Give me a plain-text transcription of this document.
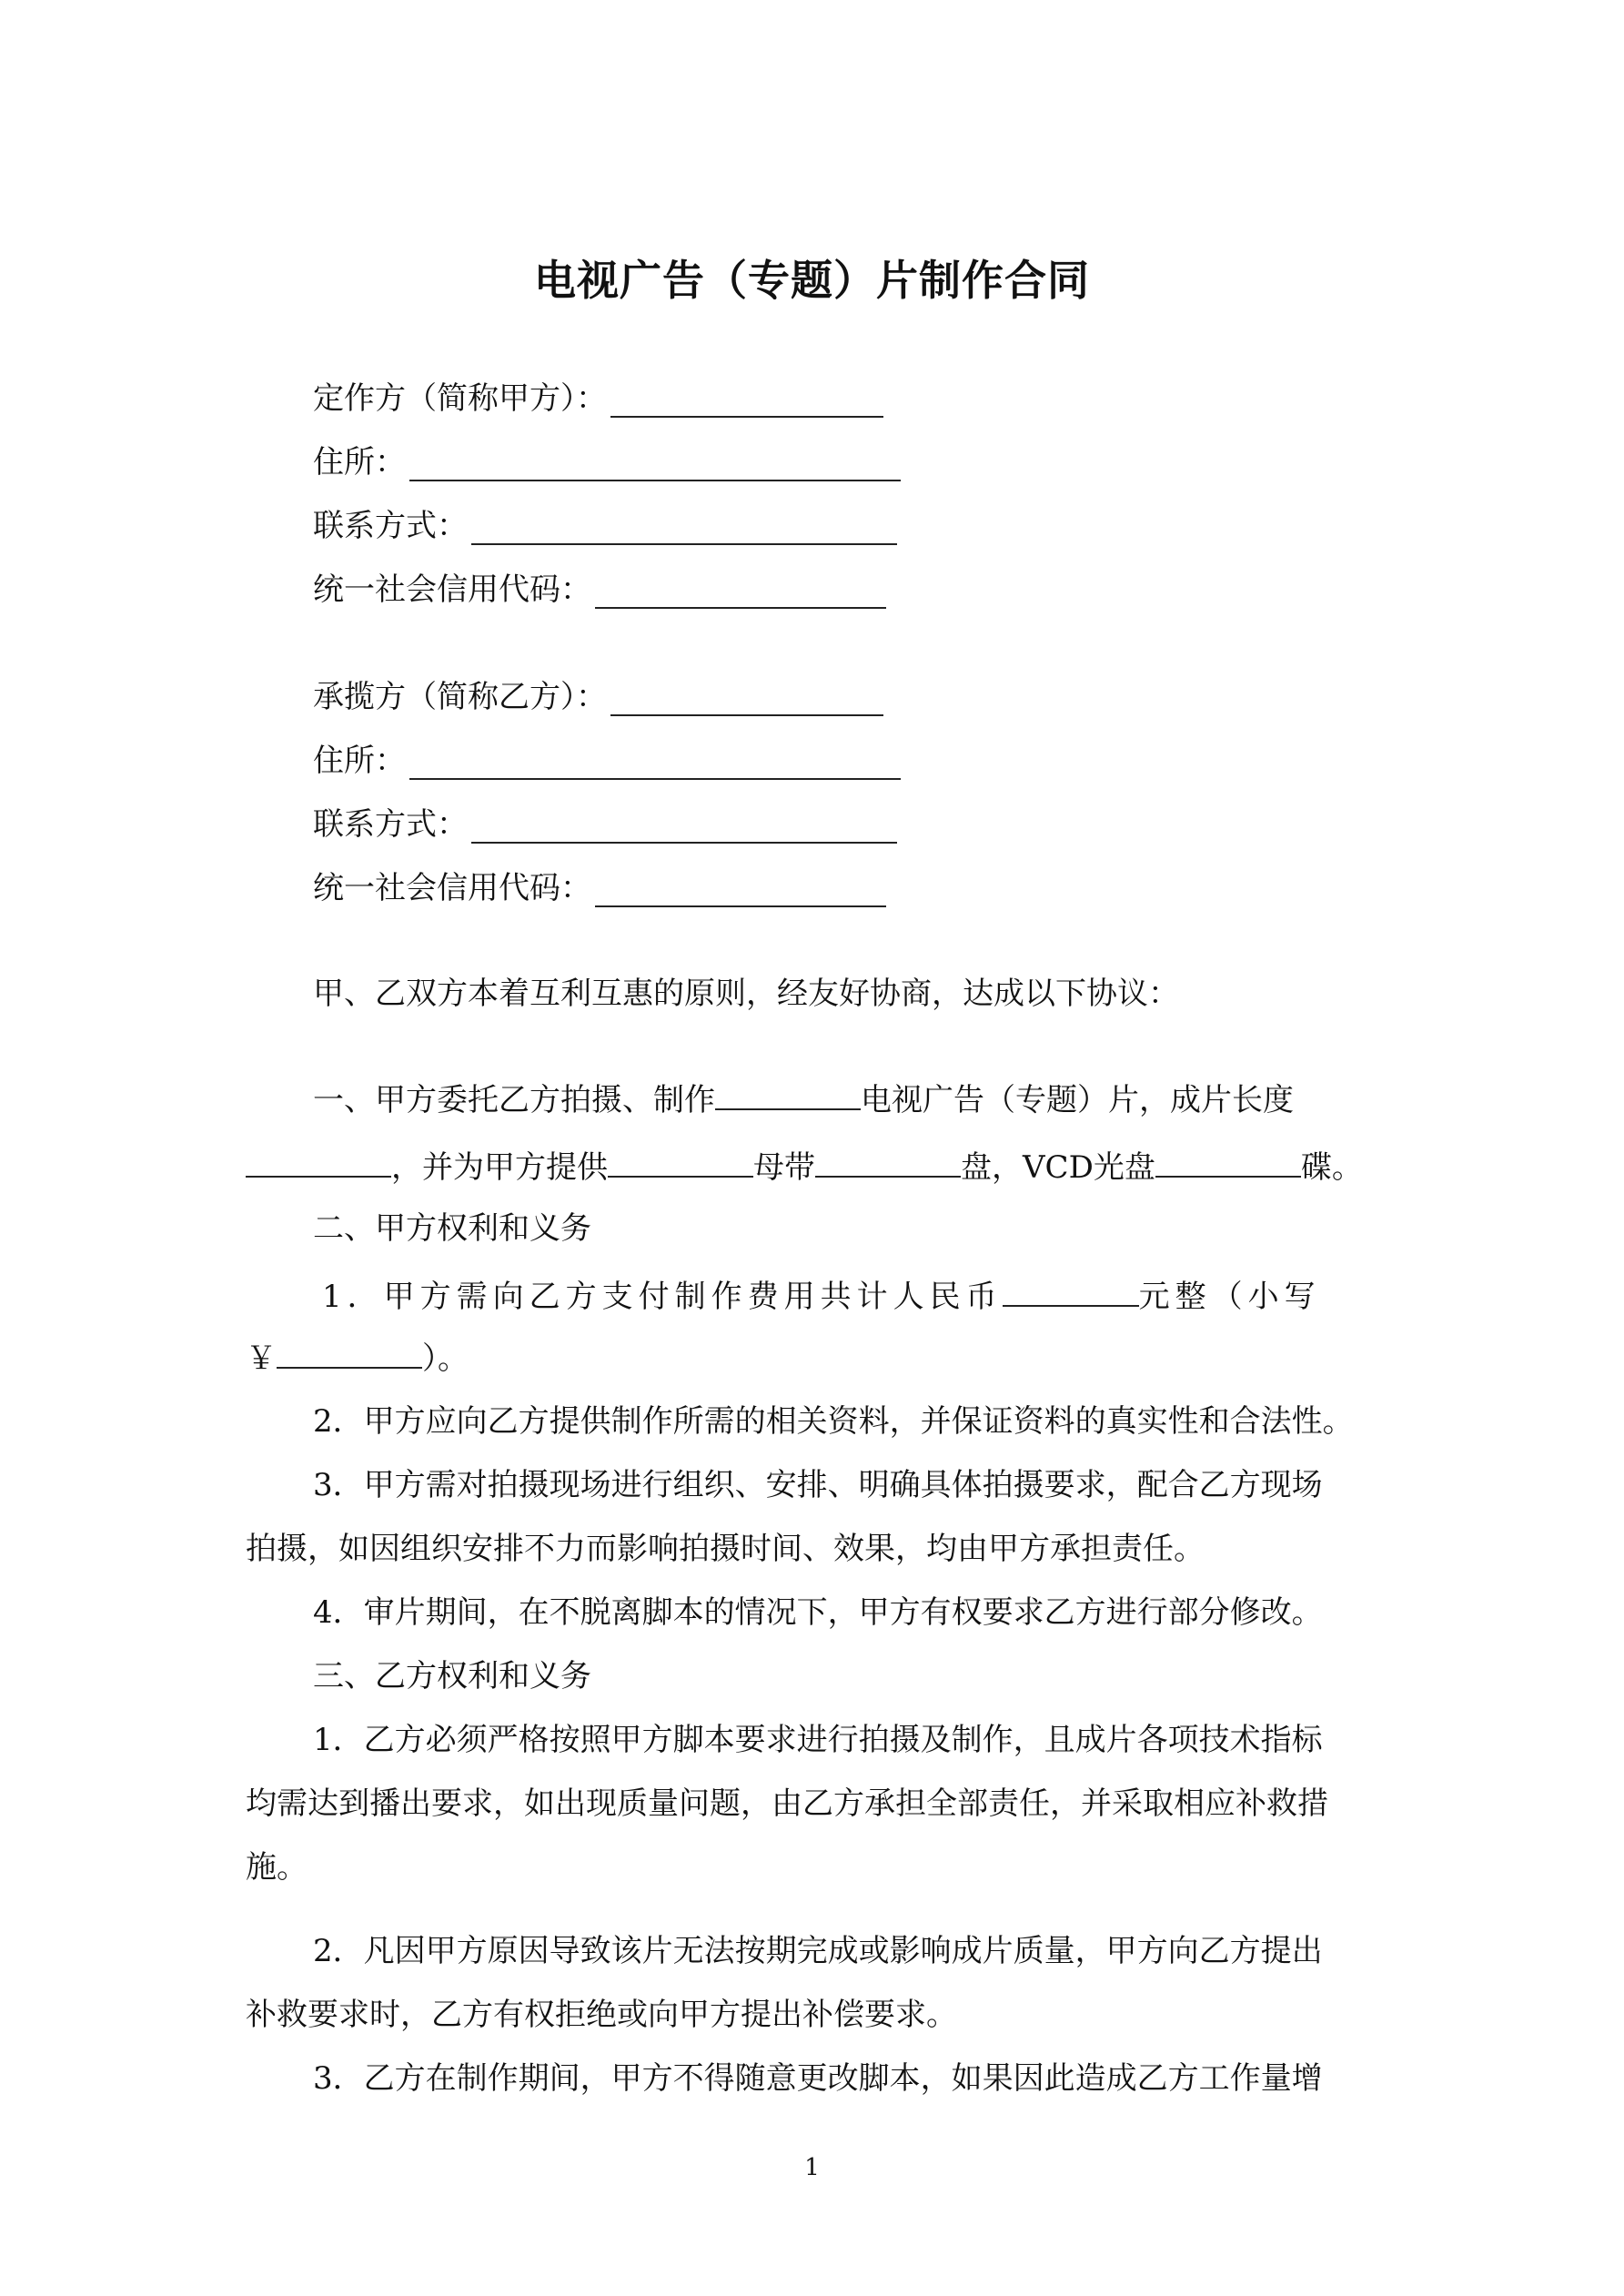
电视广告（专题）片制作合同
定作方（简称甲方）：
住所：
联系方式：
统一社会信用代码：
承揽方（简称乙方）：
住所：
联系方式：
统一社会信用代码：
甲、乙双方本着互利互惠的原则，经友好协商，达成以下协议：
一、甲方委托乙方拍摄、制作	电视广告（专题）片，成片长度
，并为甲方提供	母带	盘，VCD光盘	碟。
二、甲方权利和义务
1．甲方需向乙方支付制作费用共计人民币	元整（小写
￥	）。
2．甲方应向乙方提供制作所需的相关资料，并保证资料的真实性和合法性。
3．甲方需对拍摄现场进行组织、安排、明确具体拍摄要求，配合乙方现场
拍摄，如因组织安排不力而影响拍摄时间、效果，均由甲方承担责任。
4．审片期间，在不脱离脚本的情况下，甲方有权要求乙方进行部分修改。
三、乙方权利和义务
1．乙方必须严格按照甲方脚本要求进行拍摄及制作，且成片各项技术指标
均需达到播出要求，如出现质量问题，由乙方承担全部责任，并采取相应补救措
施。
2．凡因甲方原因导致该片无法按期完成或影响成片质量，甲方向乙方提出
补救要求时，乙方有权拒绝或向甲方提出补偿要求。
3．乙方在制作期间，甲方不得随意更改脚本，如果因此造成乙方工作量增
1
